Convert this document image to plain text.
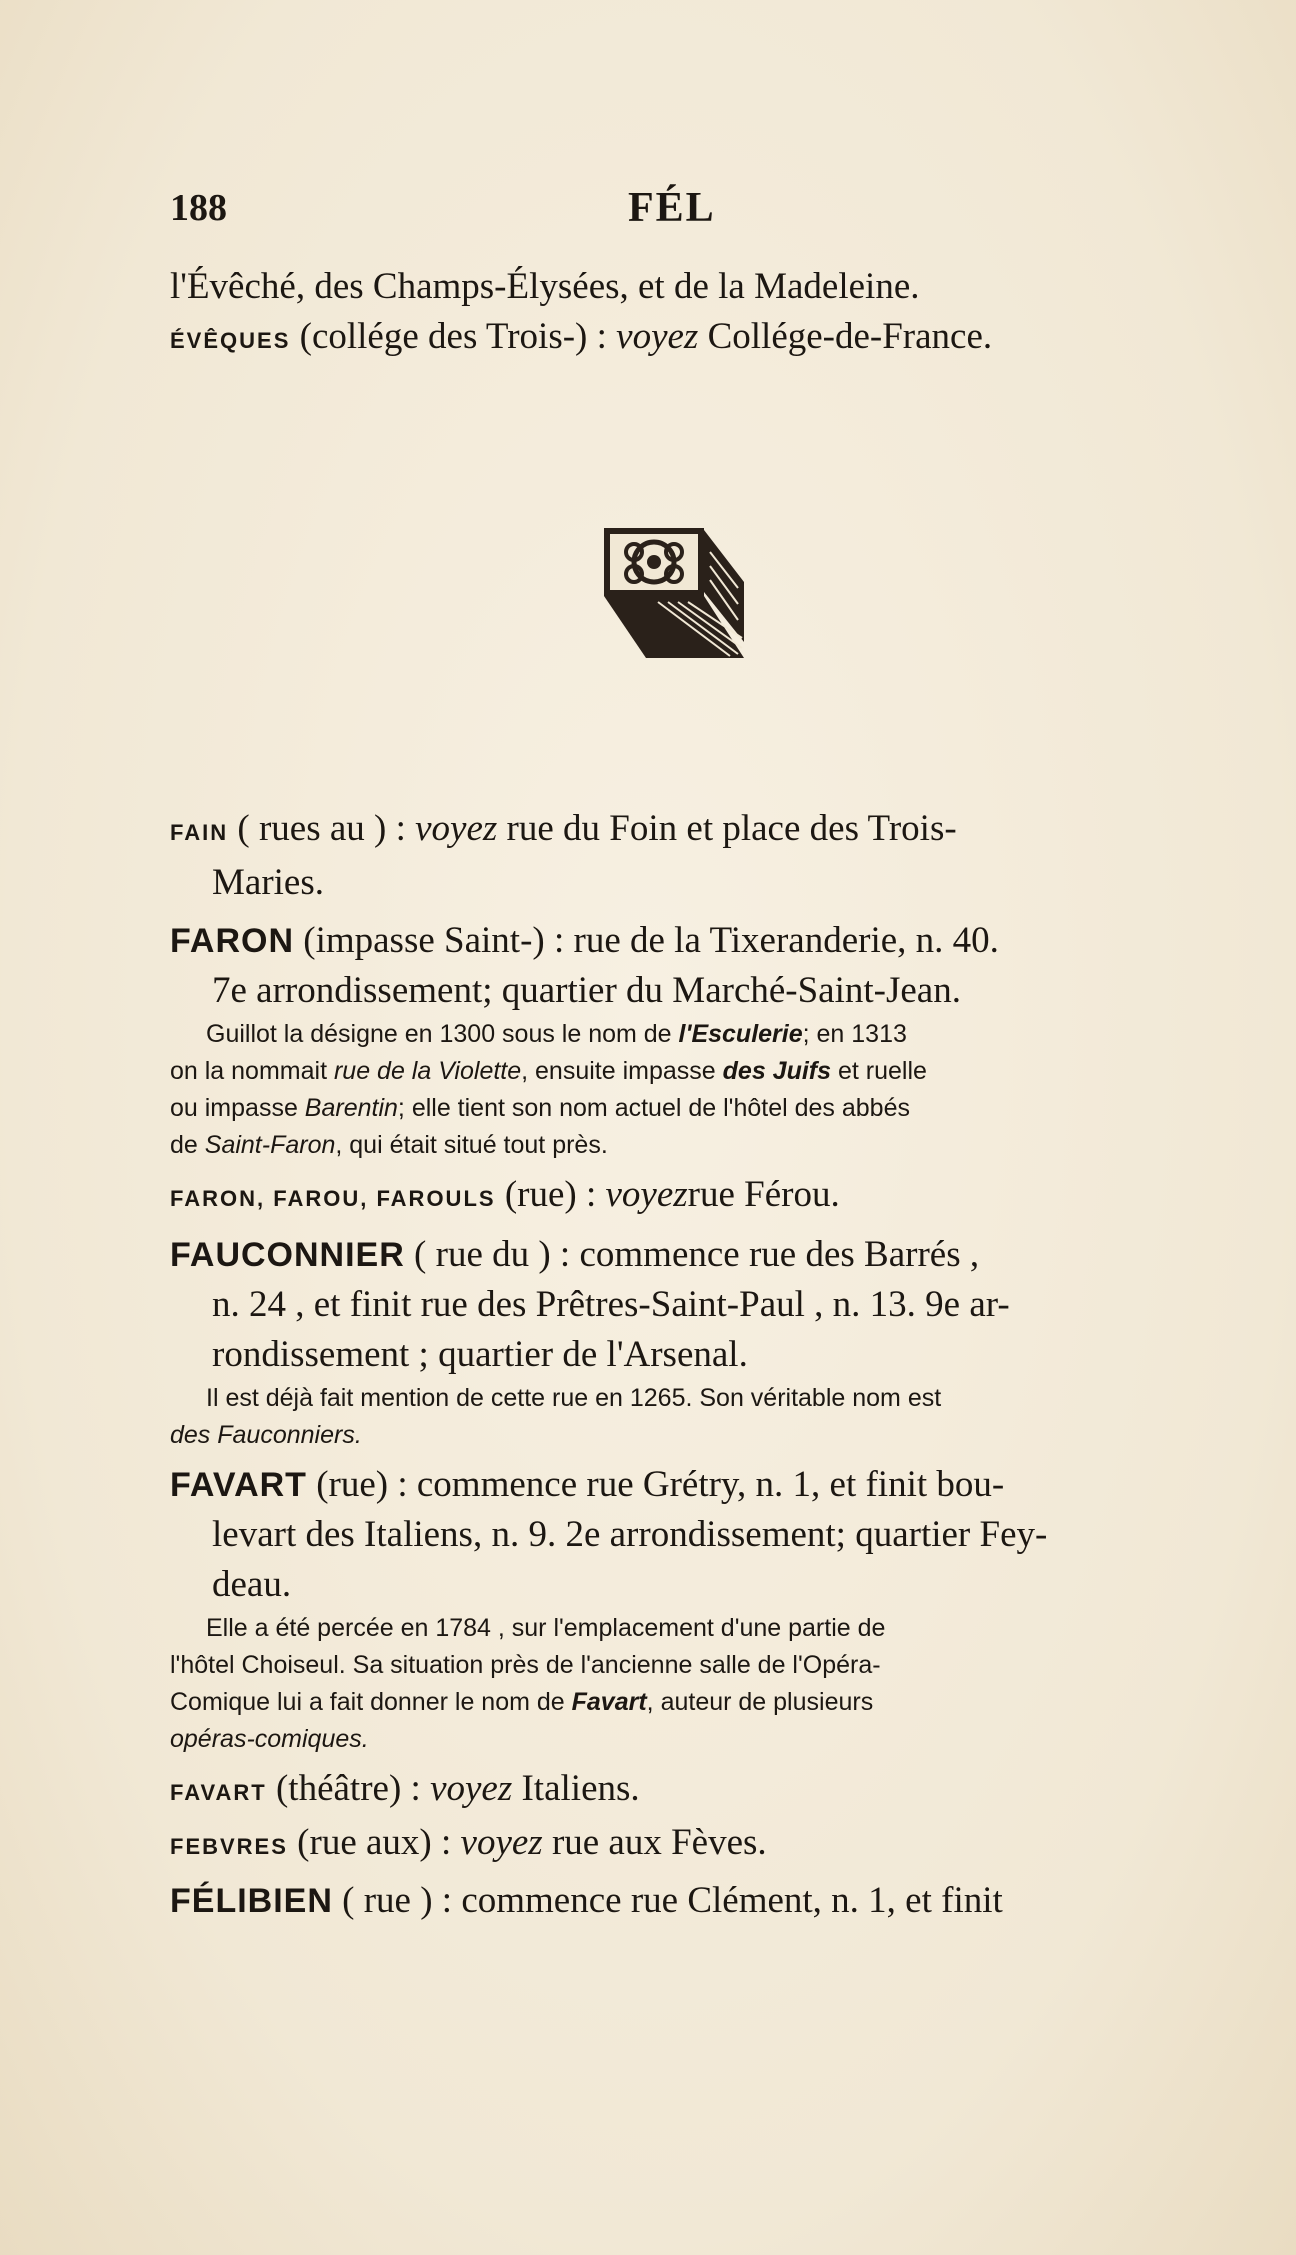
188	FÉL
l'Évêché, des Champs-Élysées, et de la Madeleine.
ÉVÊQUES (collége des Trois-) : voyez Collége-de-France.
FAIN ( rues au ) : voyez rue du Foin et place des Trois-
Maries.
FARON (impasse Saint-) : rue de la Tixeranderie, n. 40.
7e arrondissement; quartier du Marché-Saint-Jean.
Guillot la désigne en 1300 sous le nom de l'Esculerie; en 1313
on la nommait rue de la Violette, ensuite impasse des Juifs et ruelle
ou impasse Barentin; elle tient son nom actuel de l'hôtel des abbés
de Saint-Faron, qui était situé tout près.
FARON, FAROU, FAROULS (rue) : voyezrue Férou.
FAUCONNIER ( rue du ) : commence rue des Barrés ,
n. 24 , et finit rue des Prêtres-Saint-Paul , n. 13. 9e ar-
rondissement ; quartier de l'Arsenal.
Il est déjà fait mention de cette rue en 1265. Son véritable nom est
des Fauconniers.
FAVART (rue) : commence rue Grétry, n. 1, et finit bou-
levart des Italiens, n. 9. 2e arrondissement; quartier Fey-
deau.
Elle a été percée en 1784 , sur l'emplacement d'une partie de
l'hôtel Choiseul. Sa situation près de l'ancienne salle de l'Opéra-
Comique lui a fait donner le nom de Favart, auteur de plusieurs
opéras-comiques.
FAVART (théâtre) : voyez Italiens.
FEBVRES (rue aux) : voyez rue aux Fèves.
FÉLIBIEN ( rue ) : commence rue Clément, n. 1, et finit
